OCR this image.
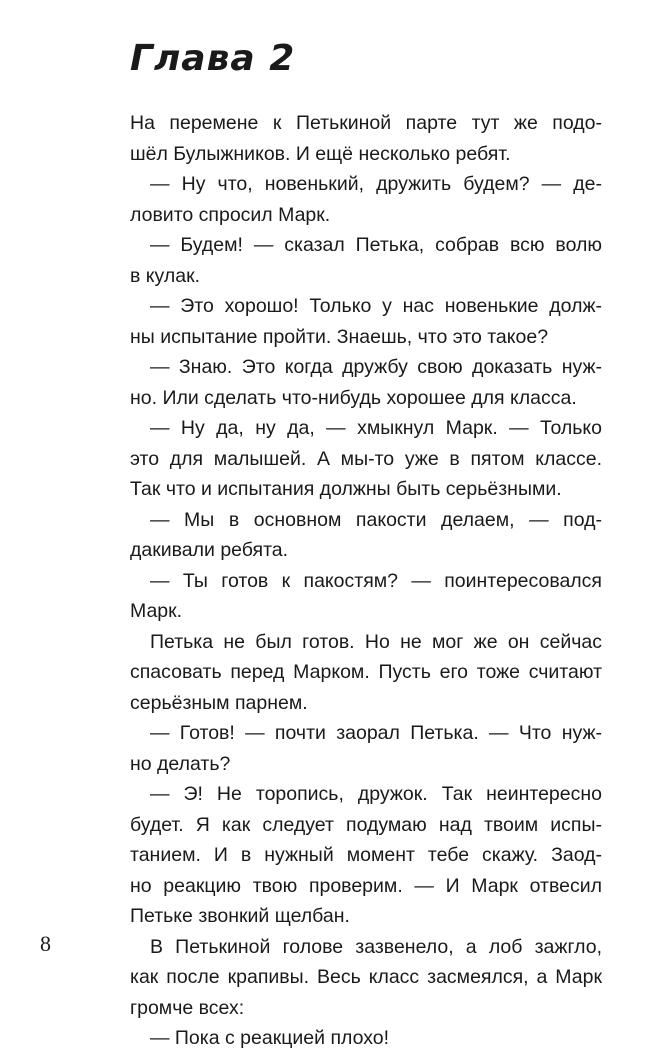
Глава 2
На перемене к Петькиной парте тут же подо-
шёл Булыжников. И ещё несколько ребят.
— Ну что, новенький, дружить будем? — де-
ловито спросил Марк.
— Будем! — сказал Петька, собрав всю волю
в кулак.
— Это хорошо! Только у нас новенькие долж-
ны испытание пройти. Знаешь, что это такое?
— Знаю. Это когда дружбу свою доказать нуж-
но. Или сделать что-нибудь хорошее для класса.
— Ну да, ну да, — хмыкнул Марк. — Только
это для малышей. А мы-то уже в пятом классе.
Так что и испытания должны быть серьёзными.
— Мы в основном пакости делаем, — под-
дакивали ребята.
— Ты готов к пакостям? — поинтересовался
Марк.
Петька не был готов. Но не мог же он сейчас
спасовать перед Марком. Пусть его тоже считают
серьёзным парнем.
— Готов! — почти заорал Петька. — Что нуж-
но делать?
— Э! Не торопись, дружок. Так неинтересно
будет. Я как следует подумаю над твоим испы-
танием. И в нужный момент тебе скажу. Заод-
но реакцию твою проверим. — И Марк отвесил
Петьке звонкий щелбан.
В Петькиной голове зазвенело, а лоб зажгло,
как после крапивы. Весь класс засмеялся, а Марк
громче всех:
— Пока с реакцией плохо!
8
